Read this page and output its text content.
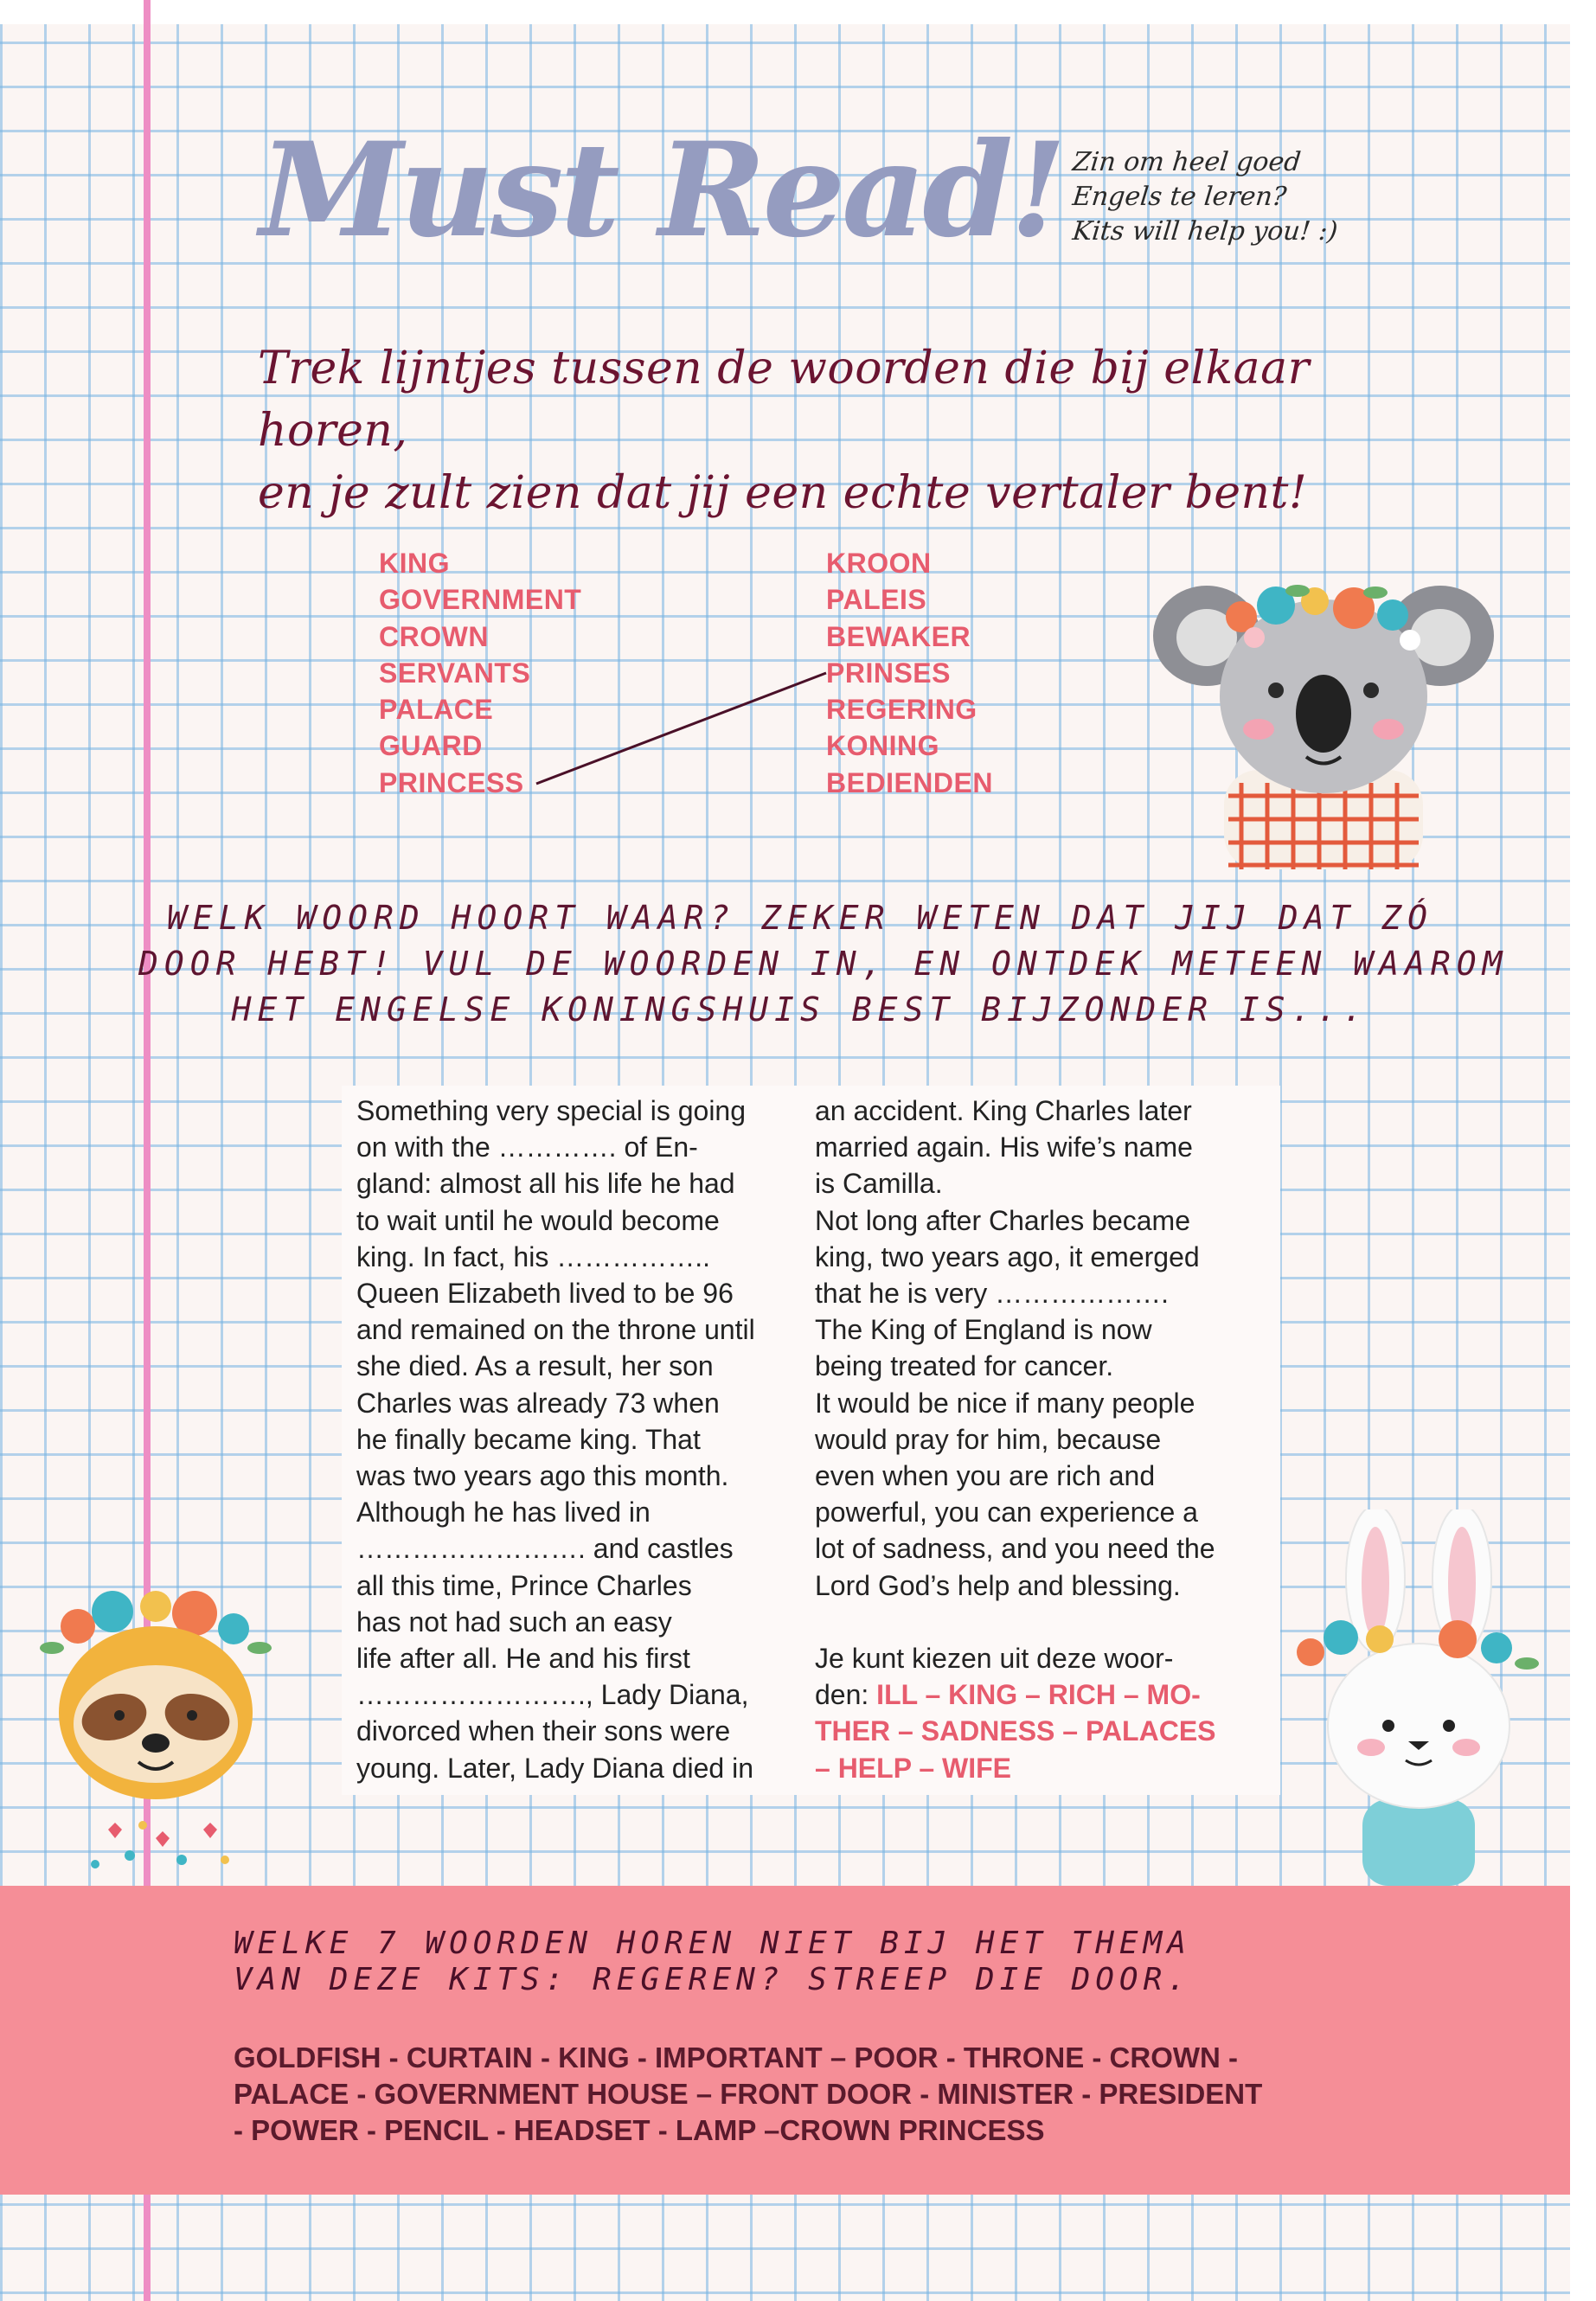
Must Read! Zin om heel goed
Engels te leren?
Kits will help you! :)
Trek lijntjes tussen de woorden die bij elkaar horen,
en je zult zien dat jij een echte vertaler bent!
KING
GOVERNMENT
CROWN
SERVANTS
PALACE
GUARD
PRINCESS
KROON
PALEIS
BEWAKER
PRINSES
REGERING
KONING
BEDIENDEN
WELK WOORD HOORT WAAR? ZEKER WETEN DAT JIJ DAT ZÓ
DOOR HEBT! VUL DE WOORDEN IN, EN ONTDEK METEEN WAAROM
HET ENGELSE KONINGSHUIS BEST BIJZONDER IS...
Something very special is going
on with the …………. of En-
gland: almost all his life he had
to wait until he would become
king. In fact, his ……………..
Queen Elizabeth lived to be 96
and remained on the throne until
she died. As a result, her son
Charles was already 73 when
he finally became king. That
was two years ago this month.
Although he has lived in
……………………. and castles
all this time, Prince Charles
has not had such an easy
life after all. He and his first
……………………., Lady Diana,
divorced when their sons were
young. Later, Lady Diana died in
an accident. King Charles later
married again. His wife’s name
is Camilla.
Not long after Charles became
king, two years ago, it emerged
that he is very ……………….
The King of England is now
being treated for cancer.
It would be nice if many people
would pray for him, because
even when you are rich and
powerful, you can experience a
lot of sadness, and you need the
Lord God’s help and blessing.
Je kunt kiezen uit deze woor-
den: ILL – KING – RICH – MO-
THER – SADNESS – PALACES
– HELP – WIFE
WELKE 7 WOORDEN HOREN NIET BIJ HET THEMA
VAN DEZE KITS: REGEREN? STREEP DIE DOOR.
GOLDFISH - CURTAIN - KING - IMPORTANT – POOR - THRONE - CROWN -
PALACE - GOVERNMENT HOUSE – FRONT DOOR - MINISTER - PRESIDENT
- POWER - PENCIL - HEADSET - LAMP –CROWN PRINCESS
